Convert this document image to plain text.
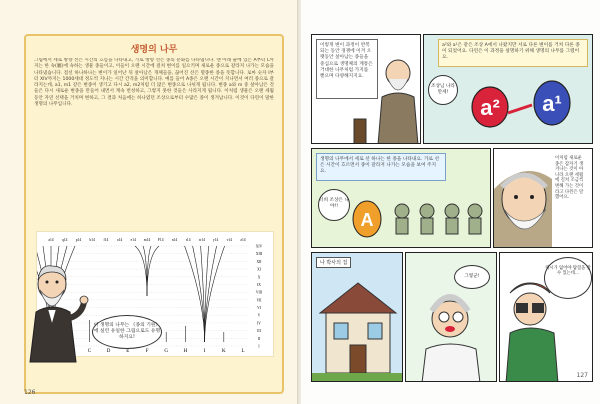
생명의 나무
그림에서 세로 방향 선은 시간의 흐름을 나타내고, 가로 방향 선은 종의 분화를 나타냅니다. 맨 아래 줄에 있는 A부터 L까지는 한 속(屬)에 속하는 생물 종들이고, 이들이 오랜 시간에 걸쳐 변이를 일으키며 새로운 종으로 갈라져 나가는 모습을 나타냈습니다. 점선 하나하나는 변이가 일어난 뒤 살아남은 개체들을, 끊어진 선은 멸종한 종을 뜻합니다. 로마 숫자 I부터 XIV까지는 1000세대 정도씩 지나는 시간 간격을 의미합니다. 예를 들어 A종은 오랜 시간이 지나면서 여러 종으로 갈라지는데, a1, m1 같은 변종이 생기고 다시 a2, m2처럼 더 많은 변종으로 나뉘게 됩니다. 변종 a와 m 중 살아남은 것들은 다시 새로운 변종을 만들어 내면서 계속 번성하고, 그렇지 못한 것들은 사라지게 됩니다. 이처럼 생물은 오랜 세월 동안 자연 선택을 거치며 변하고, 그 결과 처음에는 하나였던 조상으로부터 수많은 종이 생겨납니다. 이것이 다윈이 말한 생명의 나무입니다.
C	D	E	F	G	H	I	K	L
a14 q14 p14 b14 f14 o14 e14 m14 F14 n14 r14 w14 y14 v14 z14
XIV
XIII
XII
XI
X
IX
VIII
VII
VI
V
IV
III
II
I
이 생명의 나무는 《종의 기원》에 실린 유일한 그림으로도 유명하지요!
126
이렇게 변이 과정이 반복되는 동안 경쟁에 이겨 오랫동안 살아남는 종들을 중심으로 생명체의 계통은 거대한 나무처럼 가지를 뻗으며 다양해지지요.
a²와 a¹은 같은 조상 A에서 나왔지만 서로 다른 변이를 거쳐 다른 종이 되었어요. 다윈은 이 과정을 설명하기 위해 생명의 나무를 그렸어요.
조상님 나라 만세!
a² a¹
생명의 나무에서 세로 선 하나는 한 종을 나타내요. 가로 선은 시간이 흐르면서 종이 갈라져 나가는 모습을 보여 주지요.
너희 조상은 나야!!
A
이처럼 새로운 종은 갑자기 생겨나는 것이 아니라 오랜 세월에 걸쳐 조금씩 변해 가는 것이라고 다윈은 말했어요.
나 박사의 집
그렇군!
택시가 없어야 탐험을 갈 수 있는데...
127
